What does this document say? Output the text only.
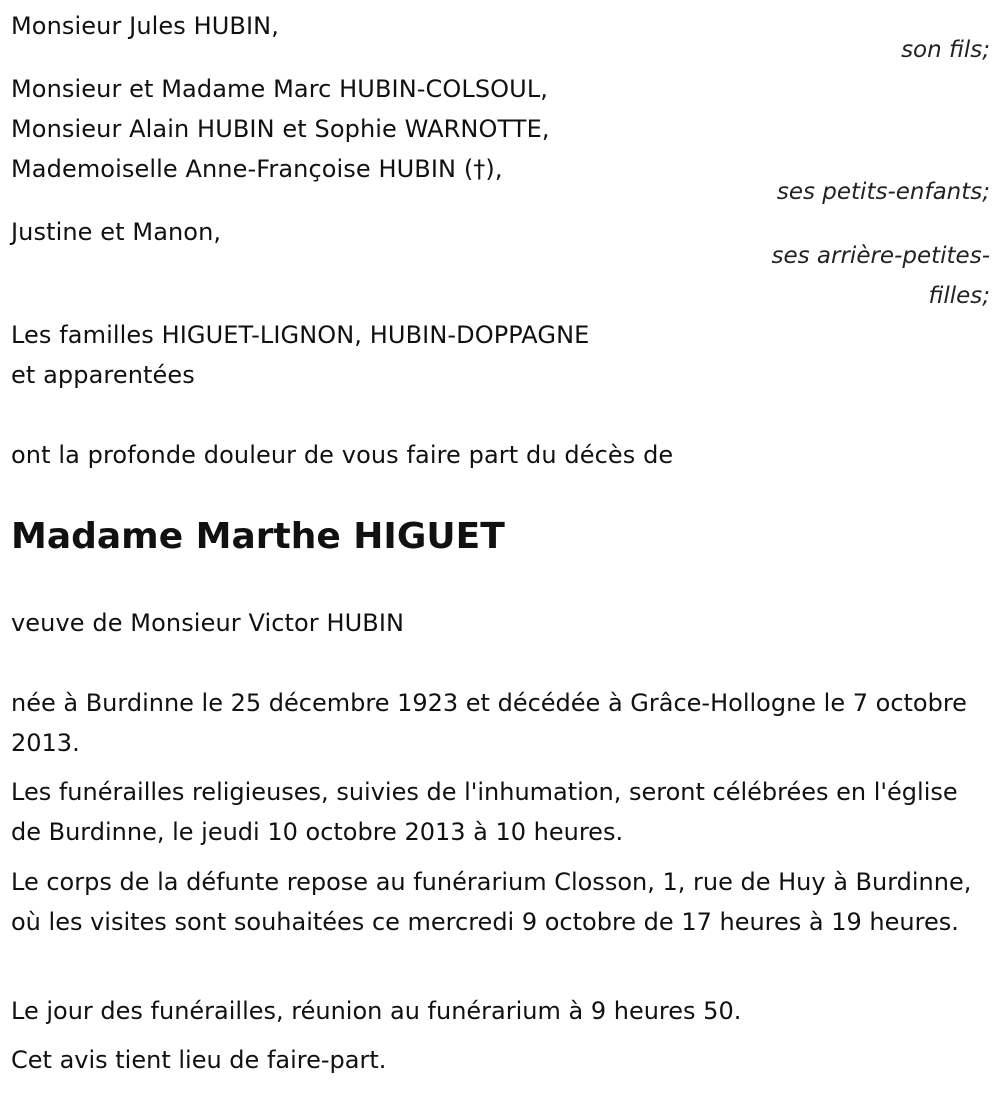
Monsieur Jules HUBIN,
son fils;
Monsieur et Madame Marc HUBIN-COLSOUL,
Monsieur Alain HUBIN et Sophie WARNOTTE,
Mademoiselle Anne-Françoise HUBIN (†),
ses petits-enfants;
Justine et Manon,
ses arrière-petites-
filles;
Les familles HIGUET-LIGNON, HUBIN-DOPPAGNE
et apparentées
ont la profonde douleur de vous faire part du décès de
Madame Marthe HIGUET
veuve de Monsieur Victor HUBIN
née à Burdinne le 25 décembre 1923 et décédée à Grâce-Hollogne le 7 octobre 2013.
Les funérailles religieuses, suivies de l'inhumation, seront célébrées en l'église de Burdinne, le jeudi 10 octobre 2013 à 10 heures.
Le corps de la défunte repose au funérarium Closson, 1, rue de Huy à Burdinne, où les visites sont souhaitées ce mercredi 9 octobre de 17 heures à 19 heures.
Le jour des funérailles, réunion au funérarium à 9 heures 50.
Cet avis tient lieu de faire-part.
